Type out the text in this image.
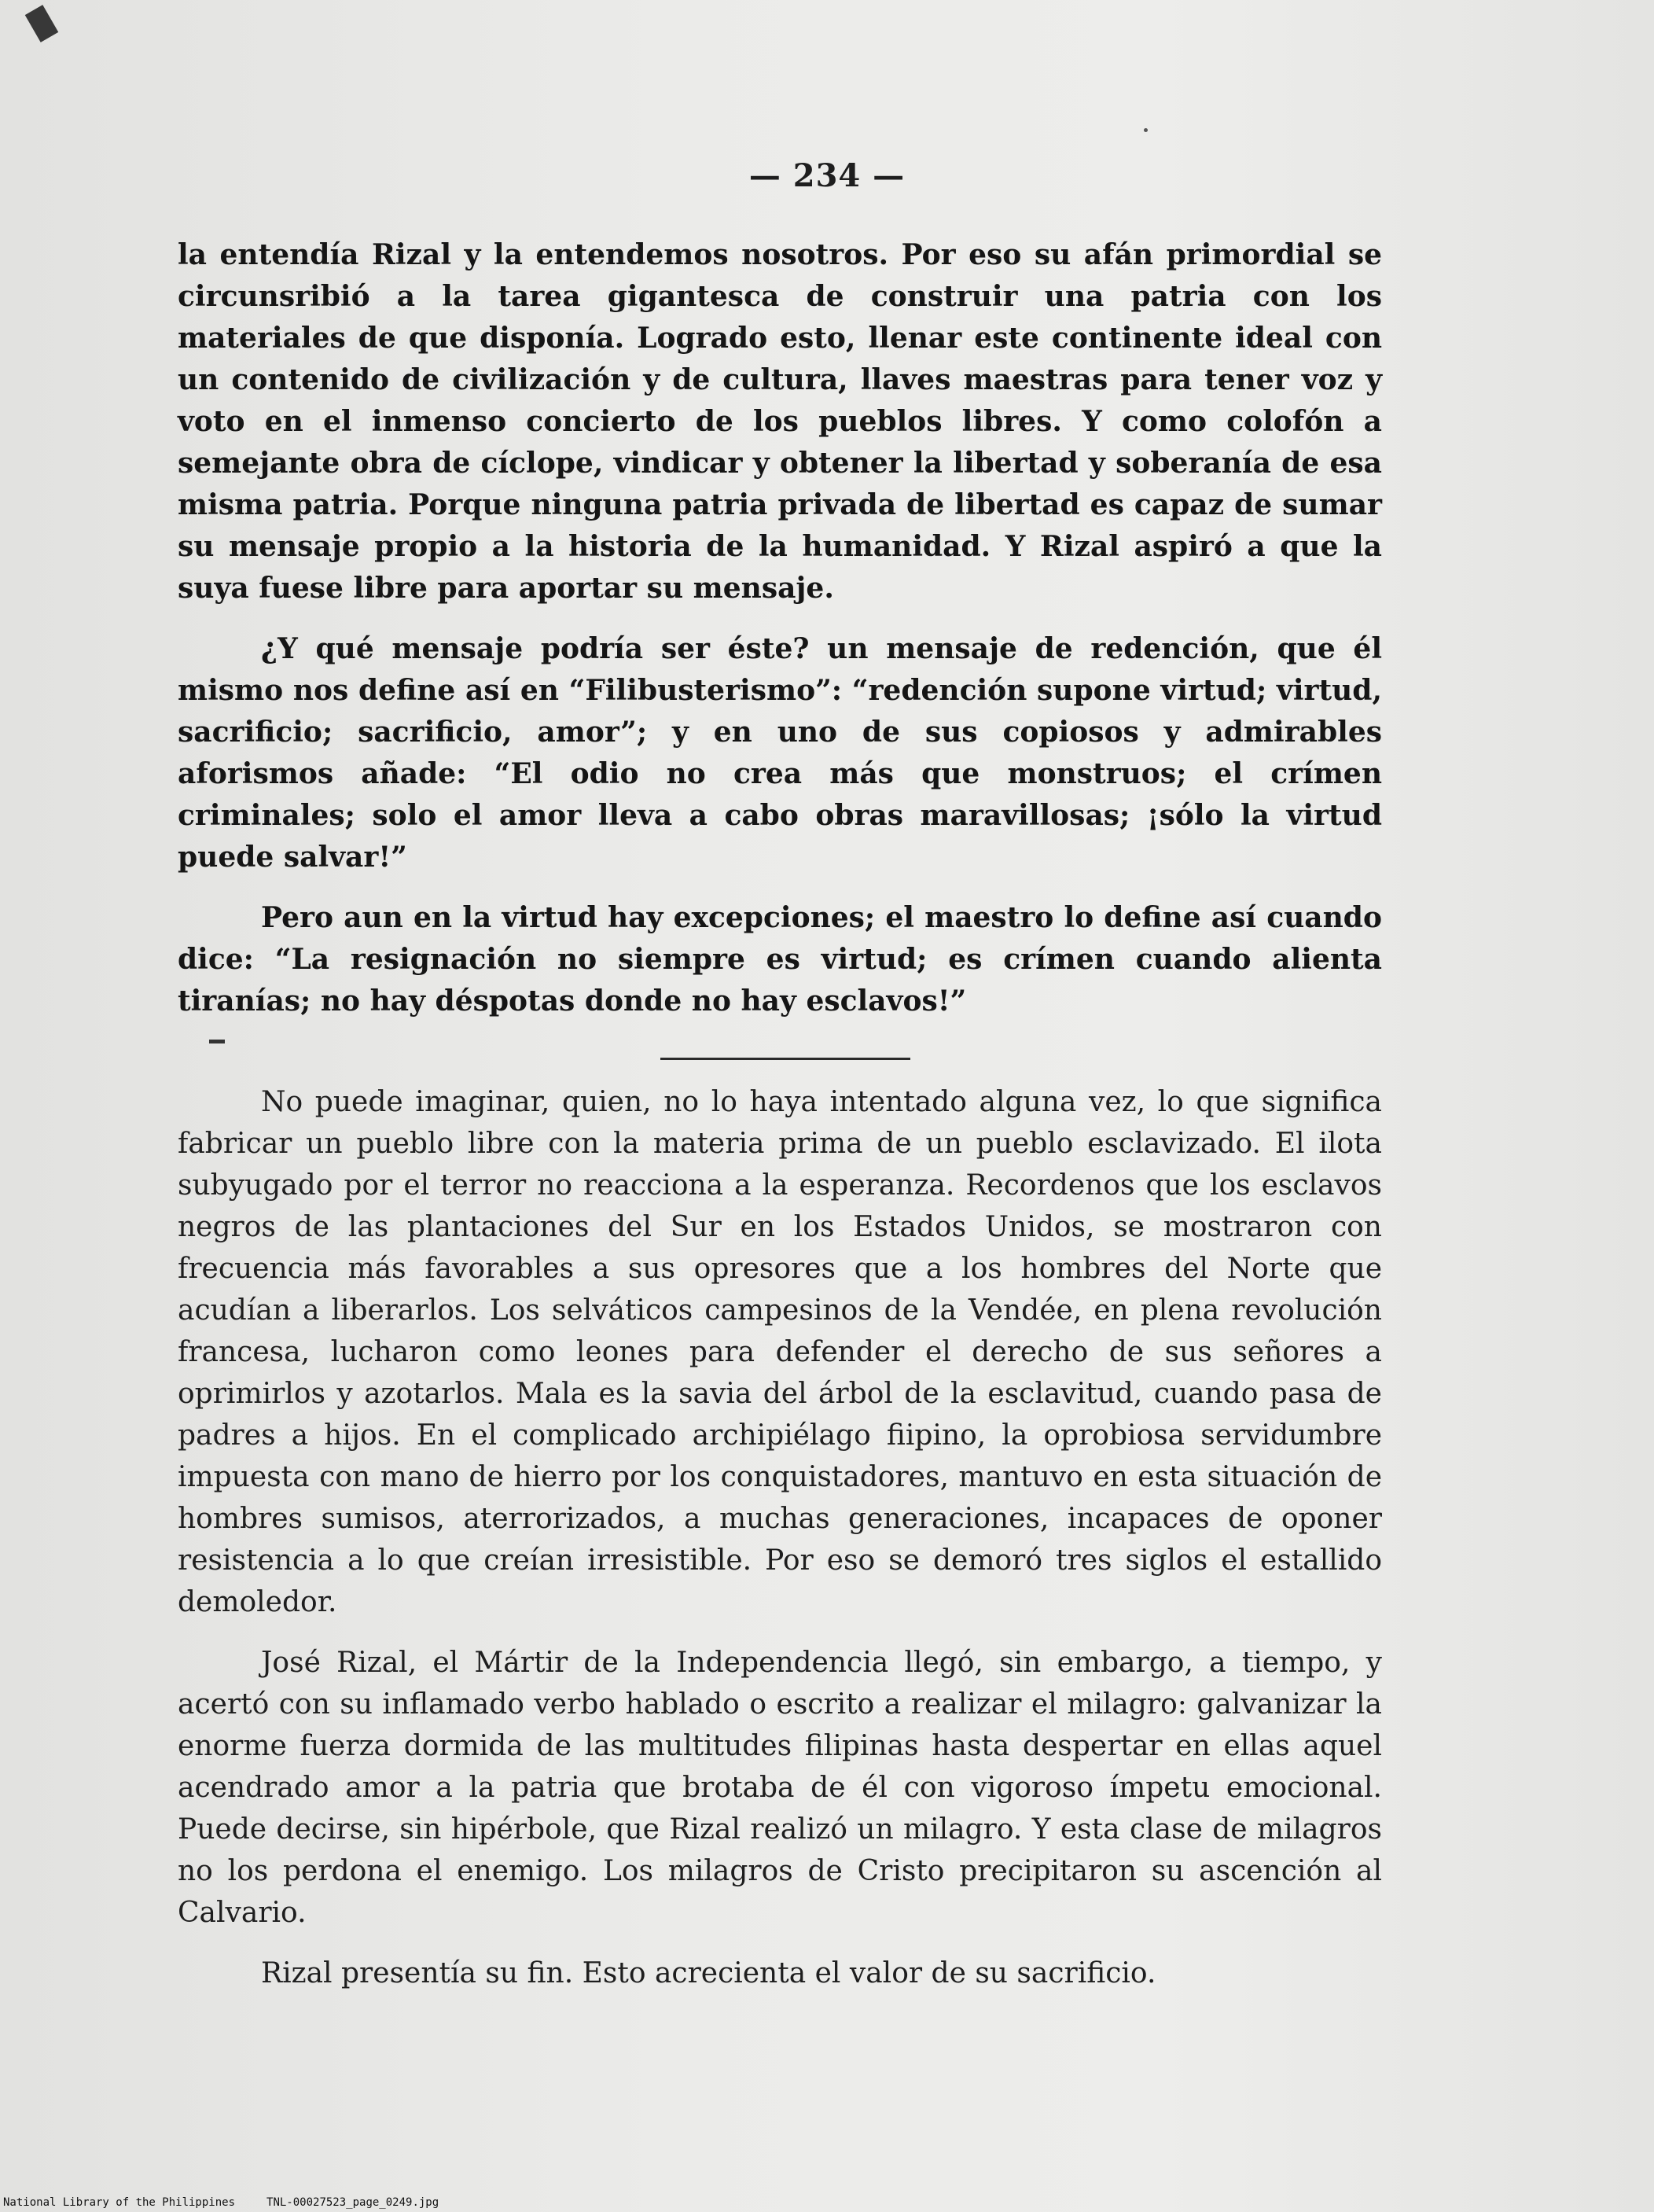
— 234 —

la entendía Rizal y la entendemos nosotros. Por eso su afán primordial se circunsribió a la tarea gigantesca de construir una patria con los materiales de que disponía. Logrado esto, llenar este continente ideal con un contenido de civilización y de cultura, llaves maestras para tener voz y voto en el inmenso concierto de los pueblos libres. Y como colofón a semejante obra de cíclope, vindicar y obtener la libertad y soberanía de esa misma patria. Porque ninguna patria privada de libertad es capaz de sumar su mensaje propio a la historia de la humanidad. Y Rizal aspiró a que la suya fuese libre para aportar su mensaje.

¿Y qué mensaje podría ser éste? un mensaje de redención, que él mismo nos define así en “Filibusterismo”: “redención supone virtud; virtud, sacrificio; sacrificio, amor”; y en uno de sus copiosos y admirables aforismos añade: “El odio no crea más que monstruos; el crímen criminales; solo el amor lleva a cabo obras maravillosas; ¡sólo la virtud puede salvar!”

Pero aun en la virtud hay excepciones; el maestro lo define así cuando dice: “La resignación no siempre es virtud; es crímen cuando alienta tiranías; no hay déspotas donde no hay esclavos!”

No puede imaginar, quien, no lo haya intentado alguna vez, lo que significa fabricar un pueblo libre con la materia prima de un pueblo esclavizado. El ilota subyugado por el terror no reacciona a la esperanza. Recordenos que los esclavos negros de las plantaciones del Sur en los Estados Unidos, se mostraron con frecuencia más favorables a sus opresores que a los hombres del Norte que acudían a liberarlos. Los selváticos campesinos de la Vendée, en plena revolución francesa, lucharon como leones para defender el derecho de sus señores a oprimirlos y azotarlos. Mala es la savia del árbol de la esclavitud, cuando pasa de padres a hijos. En el complicado archipiélago fiipino, la oprobiosa servidumbre impuesta con mano de hierro por los conquistadores, mantuvo en esta situación de hombres sumisos, aterrorizados, a muchas generaciones, incapaces de oponer resistencia a lo que creían irresistible. Por eso se demoró tres siglos el estallido demoledor.

José Rizal, el Mártir de la Independencia llegó, sin embargo, a tiempo, y acertó con su inflamado verbo hablado o escrito a realizar el milagro: galvanizar la enorme fuerza dormida de las multitudes filipinas hasta despertar en ellas aquel acendrado amor a la patria que brotaba de él con vigoroso ímpetu emocional. Puede decirse, sin hipérbole, que Rizal realizó un milagro. Y esta clase de milagros no los perdona el enemigo. Los milagros de Cristo precipitaron su ascención al Calvario.

Rizal presentía su fin. Esto acrecienta el valor de su sacrificio.

National Library of the Philippines	TNL-00027523_page_0249.jpg
